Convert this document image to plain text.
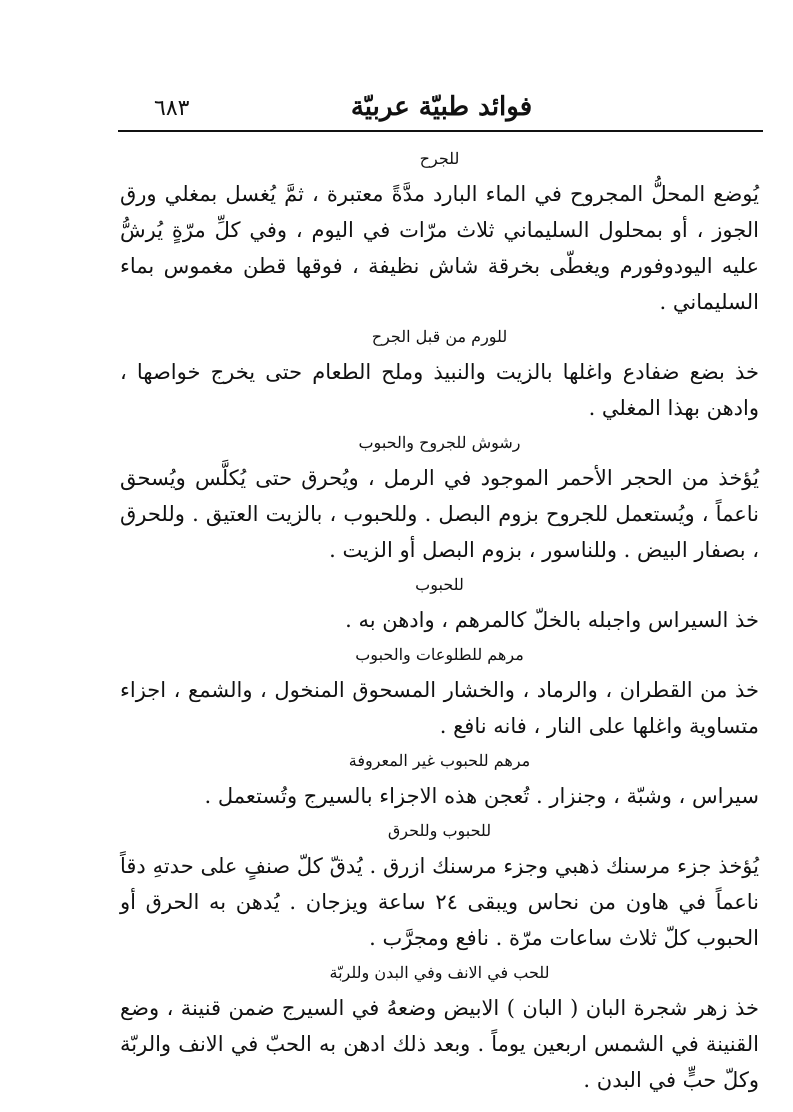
٦٨٣	فوائد طبيّة عربيّة

للجرح

يُوضع المحلُّ المجروح في الماء البارد مدَّةً معتبرة ، ثمَّ يُغسل بمغلي ورق الجوز ، أو بمحلول السليماني ثلاث مرّات في اليوم ، وفي كلِّ مرّةٍ يُرشُّ عليه اليودوفورم ويغطّى بخرقة شاش نظيفة ، فوقها قطن مغموس بماء السليماني .

للورم من قبل الجرح

خذ بضع ضفادع واغلها بالزيت والنبيذ وملح الطعام حتى يخرج خواصها ، وادهن بهذا المغلي .

رشوش للجروح والحبوب

يُؤخذ من الحجر الأحمر الموجود في الرمل ، ويُحرق حتى يُكلَّس ويُسحق ناعماً ، ويُستعمل للجروح بزوم البصل . وللحبوب ، بالزيت العتيق . وللحرق ، بصفار البيض . وللناسور ، بزوم البصل أو الزيت .

للحبوب

خذ السيراس واجبله بالخلّ كالمرهم ، وادهن به .

مرهم للطلوعات والحبوب

خذ من القطران ، والرماد ، والخشار المسحوق المنخول ، والشمع ، اجزاء متساوية واغلها على النار ، فانه نافع .

مرهم للحبوب غير المعروفة

سيراس ، وشبّة ، وجنزار . تُعجن هذه الاجزاء بالسيرج وتُستعمل .

للحبوب وللحرق

يُؤخذ جزء مرسنك ذهبي وجزء مرسنك ازرق . يُدقّ كلّ صنفٍ على حدتهِ دقاً ناعماً في هاون من نحاس ويبقى ٢٤ ساعة ويزجان . يُدهن به الحرق أو الحبوب كلّ ثلاث ساعات مرّة . نافع ومجرَّب .

للحب في الانف وفي البدن وللربّة

خذ زهر شجرة البان ( البان ) الابيض وضعهُ في السيرج ضمن قنينة ، وضع القنينة في الشمس اربعين يوماً . وبعد ذلك ادهن به الحبّ في الانف والربّة وكلّ حبٍّ في البدن .
